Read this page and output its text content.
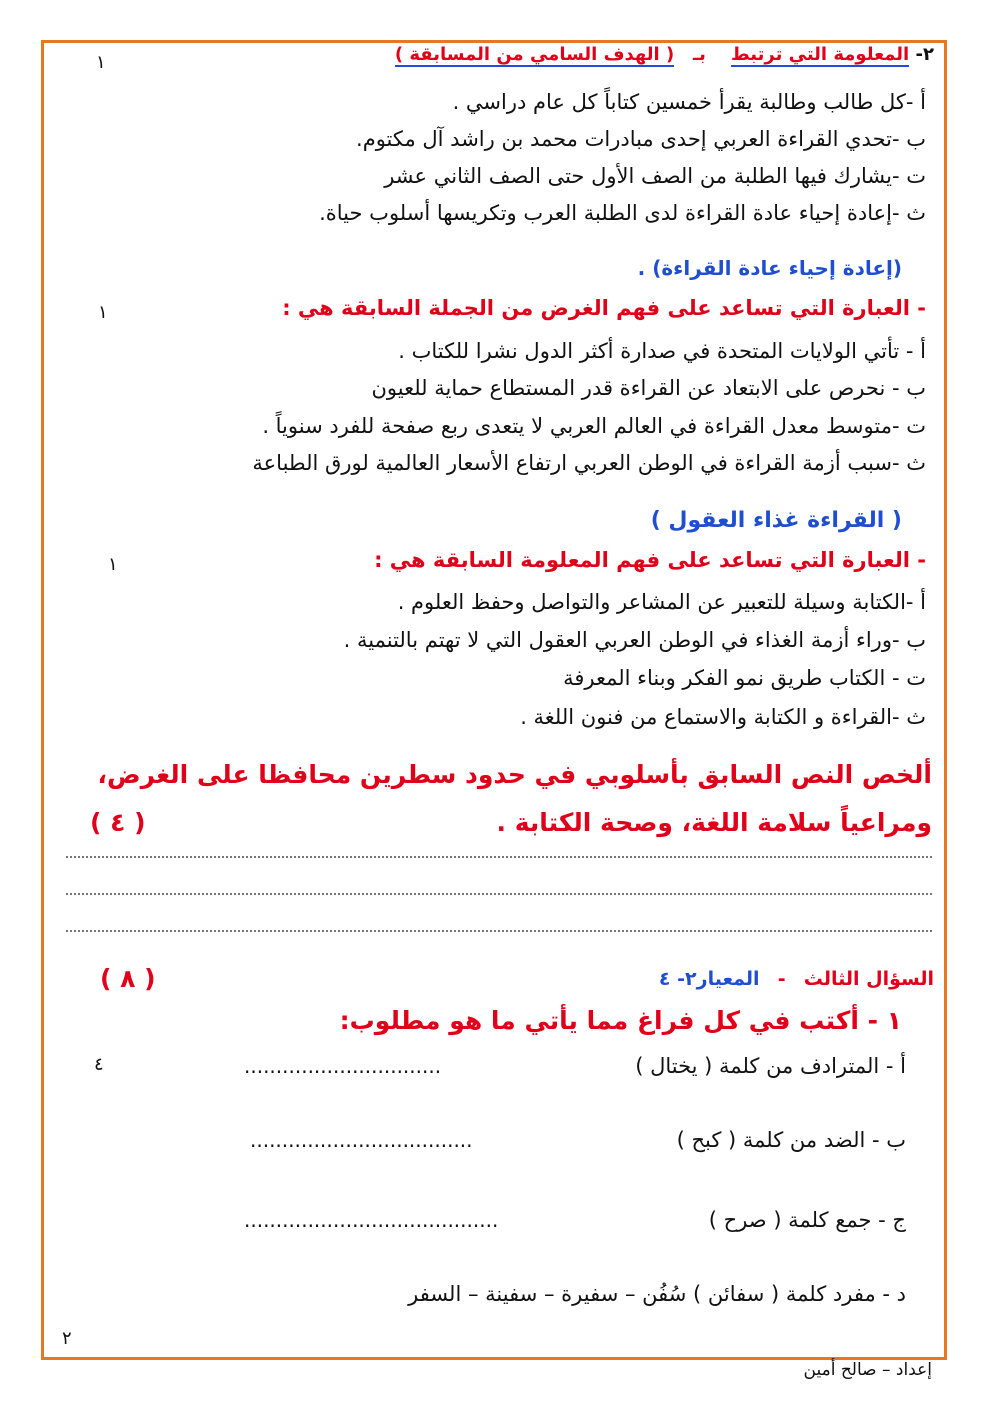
٢- المعلومة التي ترتبط    بـ   ( الهدف السامي من المسابقة )
١
أ -كل طالب وطالبة يقرأ خمسين كتاباً كل عام دراسي .
ب -تحدي القراءة العربي إحدى مبادرات محمد بن راشد آل مكتوم.
ت -يشارك فيها الطلبة من الصف الأول حتى الصف الثاني عشر
ث -إعادة إحياء عادة القراءة لدى الطلبة العرب وتكريسها أسلوب حياة.
(إعادة إحياء عادة القراءة) .
- العبارة التي تساعد على فهم الغرض من الجملة السابقة هي :
١
أ - تأتي الولايات المتحدة في صدارة أكثر الدول نشرا للكتاب .
ب - نحرص على الابتعاد عن القراءة قدر المستطاع حماية للعيون
ت -متوسط معدل القراءة في العالم العربي لا يتعدى ربع صفحة للفرد سنوياً .
ث -سبب أزمة القراءة في الوطن العربي ارتفاع الأسعار العالمية لورق الطباعة
( القراءة غذاء العقول )
- العبارة التي تساعد على فهم المعلومة السابقة هي :
١
أ -الكتابة وسيلة للتعبير عن المشاعر والتواصل وحفظ العلوم .
ب -وراء أزمة الغذاء في الوطن العربي العقول التي لا تهتم بالتنمية .
ت - الكتاب طريق نمو الفكر وبناء المعرفة
ث -القراءة و الكتابة والاستماع من فنون اللغة .
ألخص النص السابق بأسلوبي في حدود سطرين محافظا على الغرض،
ومراعياً سلامة اللغة، وصحة الكتابة .
( ٤ )
السؤال الثالث   -   المعيار٢- ٤
( ٨ )
١ - أكتب في كل فراغ مما يأتي ما هو مطلوب:
٤	أ - المترادف من كلمة ( يختال )
...............................
ب - الضد من كلمة ( كبح )
...................................
ج - جمع كلمة ( صرح )
........................................
د - مفرد كلمة ( سفائن ) سُفُن – سفيرة – سفينة – السفر
٢
إعداد – صالح أمين
